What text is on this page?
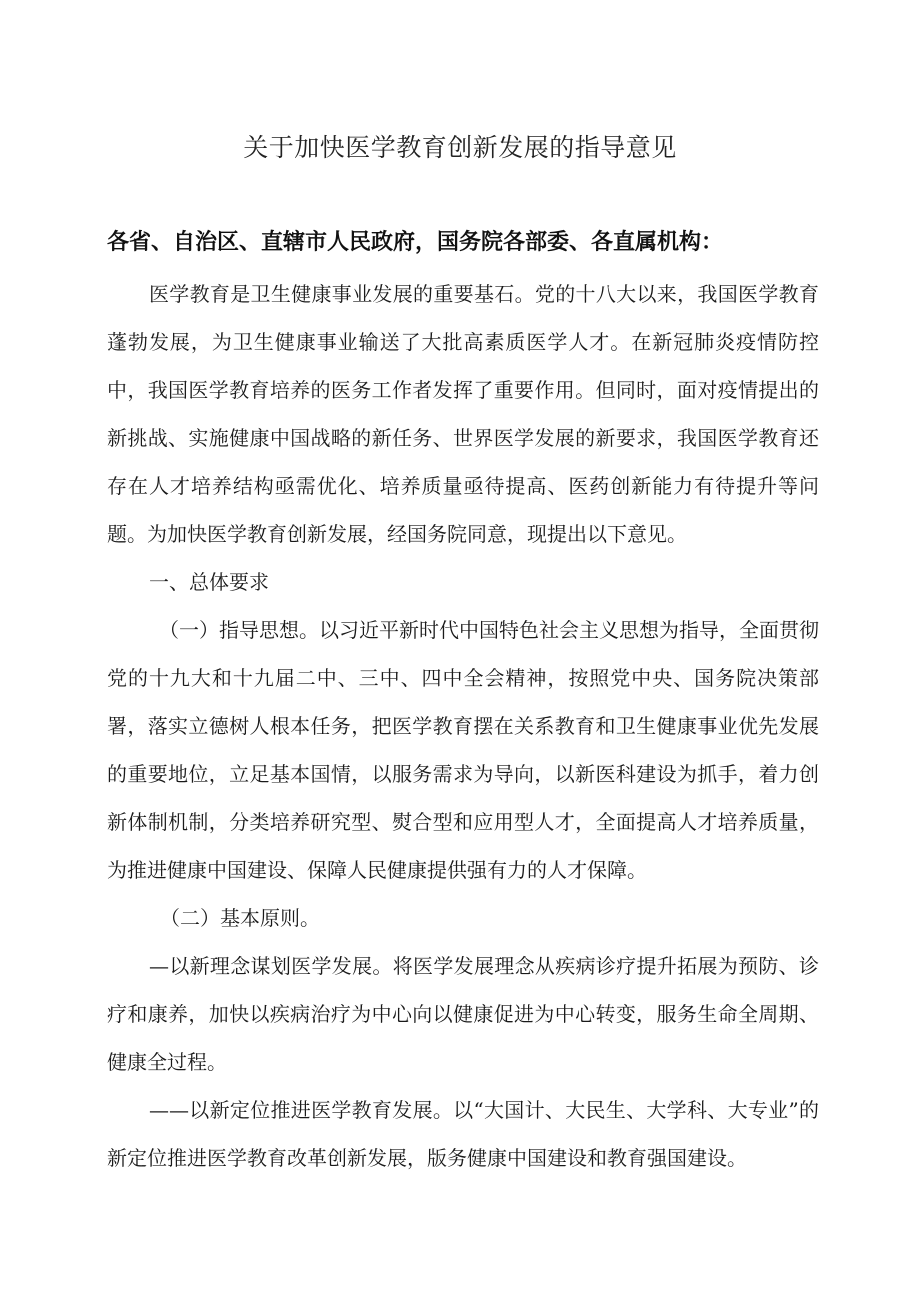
关于加快医学教育创新发展的指导意见
各省、自治区、直辖市人民政府，国务院各部委、各直属机构：
医学教育是卫生健康事业发展的重要基石。党的十八大以来，我国医学教育蓬勃发展，为卫生健康事业输送了大批高素质医学人才。在新冠肺炎疫情防控中，我国医学教育培养的医务工作者发挥了重要作用。但同时，面对疫情提出的新挑战、实施健康中国战略的新任务、世界医学发展的新要求，我国医学教育还存在人才培养结构亟需优化、培养质量亟待提高、医药创新能力有待提升等问题。为加快医学教育创新发展，经国务院同意，现提出以下意见。
一、总体要求
（一）指导思想。以习近平新时代中国特色社会主义思想为指导，全面贯彻党的十九大和十九届二中、三中、四中全会精神，按照党中央、国务院决策部署，落实立德树人根本任务，把医学教育摆在关系教育和卫生健康事业优先发展的重要地位，立足基本国情，以服务需求为导向，以新医科建设为抓手，着力创新体制机制，分类培养研究型、熨合型和应用型人才，全面提高人才培养质量，为推进健康中国建设、保障人民健康提供强有力的人才保障。
（二）基本原则。
—以新理念谋划医学发展。将医学发展理念从疾病诊疗提升拓展为预防、诊疗和康养，加快以疾病治疗为中心向以健康促进为中心转变，服务生命全周期、健康全过程。
——以新定位推进医学教育发展。以“大国计、大民生、大学科、大专业”的新定位推进医学教育改革创新发展，版务健康中国建设和教育强国建设。
